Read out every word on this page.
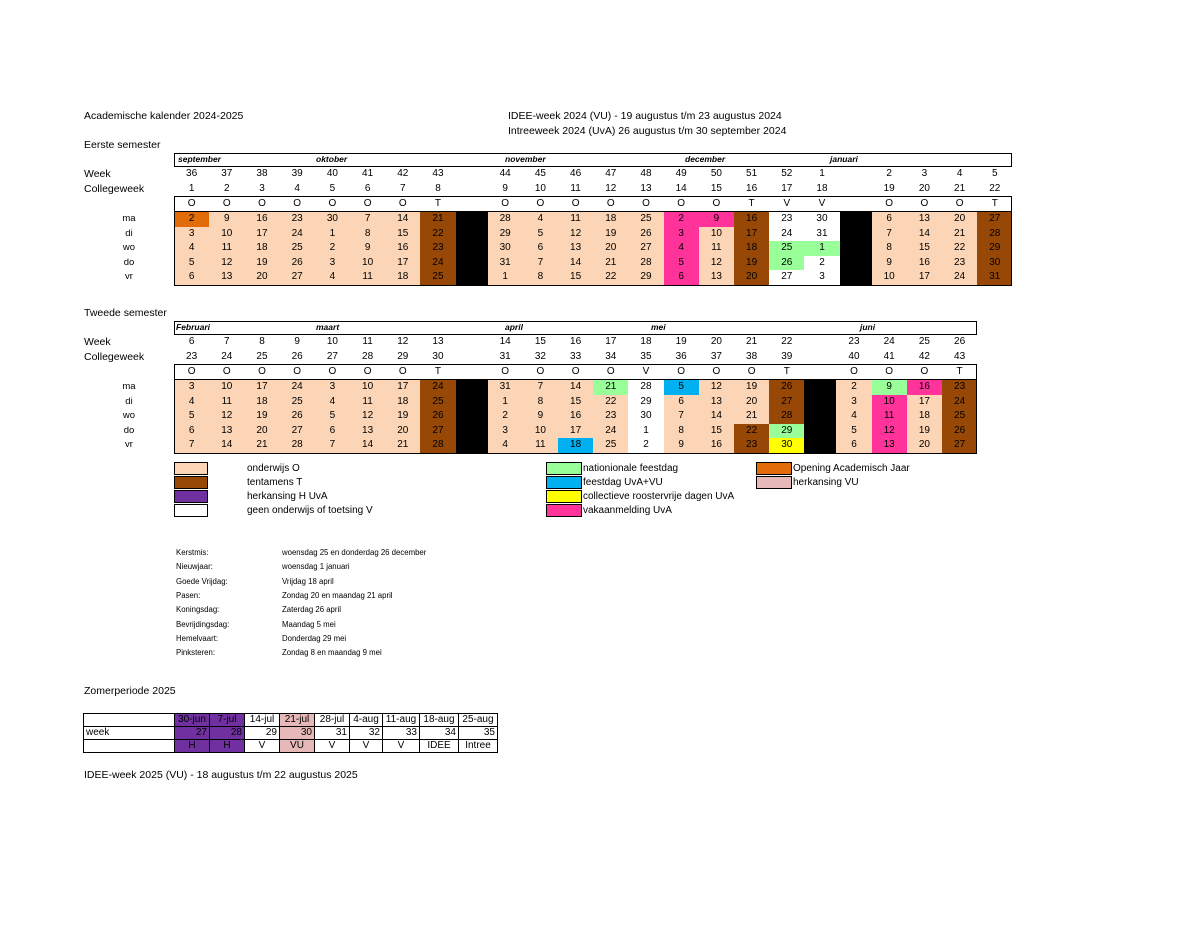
Academische kalender 2024-2025	IDEE-week 2024 (VU) - 19 augustus t/m 23 augustus 2024
Intreeweek 2024 (UvA) 26 augustus t/m 30 september 2024
Eerste semester
september	oktober	november	december	januari
Week	36	37	38	39	40	41	42	43	44	45	46	47	48	49	50	51	52	1	2	3	4	5
Collegeweek	1	2	3	4	5	6	7	8	9	10	11	12	13	14	15	16	17	18	19	20	21	22
O	O	O	O	O	O	O	T	O	O	O	O	O	O	O	T	V	V	O	O	O	T
ma	2	9	16	23	30	7	14	21	28	4	11	18	25	2	9	16	23	30	6	13	20	27
di	3	10	17	24	1	8	15	22	29	5	12	19	26	3	10	17	24	31	7	14	21	28
wo	4	11	18	25	2	9	16	23	30	6	13	20	27	4	11	18	25	1	8	15	22	29
do	5	12	19	26	3	10	17	24	31	7	14	21	28	5	12	19	26	2	9	16	23	30
vr	6	13	20	27	4	11	18	25	1	8	15	22	29	6	13	20	27	3	10	17	24	31
Tweede semester
Februari	maart	april	mei	juni
Week	6	7	8	9	10	11	12	13	14	15	16	17	18	19	20	21	22	23	24	25	26
Collegeweek	23	24	25	26	27	28	29	30	31	32	33	34	35	36	37	38	39	40	41	42	43
O	O	O	O	O	O	O	T	O	O	O	O	V	O	O	O	T	O	O	O	T
ma	3	10	17	24	3	10	17	24	31	7	14	21	28	5	12	19	26	2	9	16	23
di	4	11	18	25	4	11	18	25	1	8	15	22	29	6	13	20	27	3	10	17	24
wo	5	12	19	26	5	12	19	26	2	9	16	23	30	7	14	21	28	4	11	18	25
do	6	13	20	27	6	13	20	27	3	10	17	24	1	8	15	22	29	5	12	19	26
vr	7	14	21	28	7	14	21	28	4	11	18	25	2	9	16	23	30	6	13	20	27
onderwijs O
tentamens T
herkansing H UvA
geen onderwijs of toetsing V
nationionale feestdag
feestdag UvA+VU
collectieve roostervrije dagen UvA
vakaanmelding UvA
Opening Academisch Jaar
herkansing VU
Kerstmis:	woensdag 25 en donderdag 26 december
Nieuwjaar:	woensdag 1 januari
Goede Vrijdag:	Vrijdag 18 april
Pasen:	Zondag 20 en maandag 21 april
Koningsdag:	Zaterdag 26 april
Bevrijdingsdag:	Maandag 5 mei
Hemelvaart:	Donderdag 29 mei
Pinksteren:	Zondag 8 en maandag 9 mei
Zomerperiode 2025
	30-jun	7-jul	14-jul	21-jul	28-jul	4-aug	11-aug	18-aug	25-aug
week	27	28	29	30	31	32	33	34	35
	H	H	V	VU	V	V	V	IDEE	Intree
IDEE-week 2025 (VU) - 18 augustus t/m 22 augustus 2025
